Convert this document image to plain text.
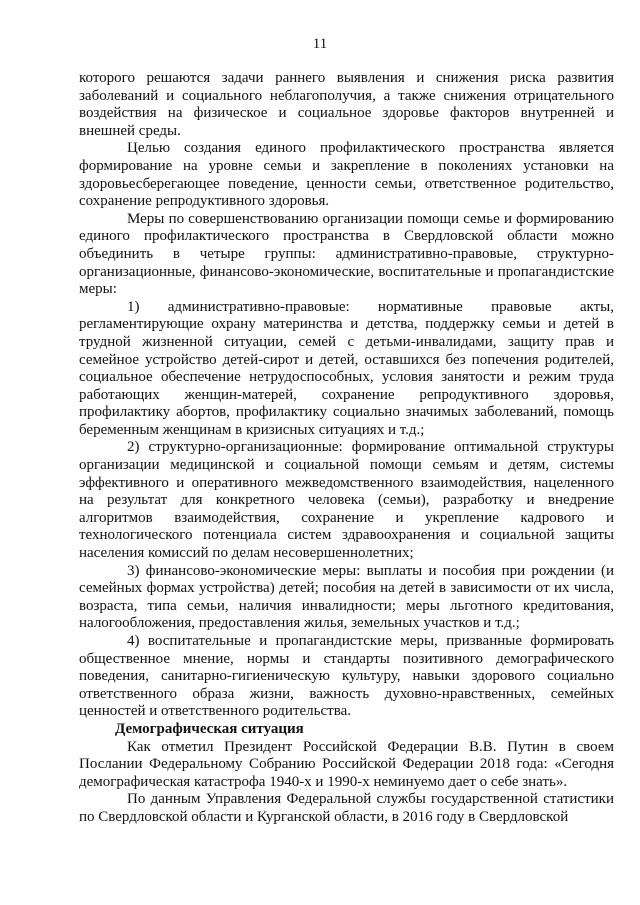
11

которого решаются задачи раннего выявления и снижения риска развития заболеваний и социального неблагополучия, а также снижения отрицательного воздействия на физическое и социальное здоровье факторов внутренней и внешней среды.

Целью создания единого профилактического пространства является формирование на уровне семьи и закрепление в поколениях установки на здоровьесберегающее поведение, ценности семьи, ответственное родительство, сохранение репродуктивного здоровья.

Меры по совершенствованию организации помощи семье и формированию единого профилактического пространства в Свердловской области можно объединить в четыре группы: административно-правовые, структурно-организационные, финансово-экономические, воспитательные и пропагандистские меры:

1) административно-правовые: нормативные правовые акты, регламентирующие охрану материнства и детства, поддержку семьи и детей в трудной жизненной ситуации, семей с детьми-инвалидами, защиту прав и семейное устройство детей-сирот и детей, оставшихся без попечения родителей, социальное обеспечение нетрудоспособных, условия занятости и режим труда работающих женщин-матерей, сохранение репродуктивного здоровья, профилактику абортов, профилактику социально значимых заболеваний, помощь беременным женщинам в кризисных ситуациях и т.д.;

2) структурно-организационные: формирование оптимальной структуры организации медицинской и социальной помощи семьям и детям, системы эффективного и оперативного межведомственного взаимодействия, нацеленного на результат для конкретного человека (семьи), разработку и внедрение алгоритмов взаимодействия, сохранение и укрепление кадрового и технологического потенциала систем здравоохранения и социальной защиты населения комиссий по делам несовершеннолетних;

3) финансово-экономические меры: выплаты и пособия при рождении (и семейных формах устройства) детей; пособия на детей в зависимости от их числа, возраста, типа семьи, наличия инвалидности; меры льготного кредитования, налогообложения, предоставления жилья, земельных участков и т.д.;

4) воспитательные и пропагандистские меры, призванные формировать общественное мнение, нормы и стандарты позитивного демографического поведения, санитарно-гигиеническую культуру, навыки здорового социально ответственного образа жизни, важность духовно-нравственных, семейных ценностей и ответственного родительства.

Демографическая ситуация

Как отметил Президент Российской Федерации В.В. Путин в своем Послании Федеральному Собранию Российской Федерации 2018 года: «Сегодня демографическая катастрофа 1940-х и 1990-х неминуемо дает о себе знать».

По данным Управления Федеральной службы государственной статистики по Свердловской области и Курганской области, в 2016 году в Свердловской
